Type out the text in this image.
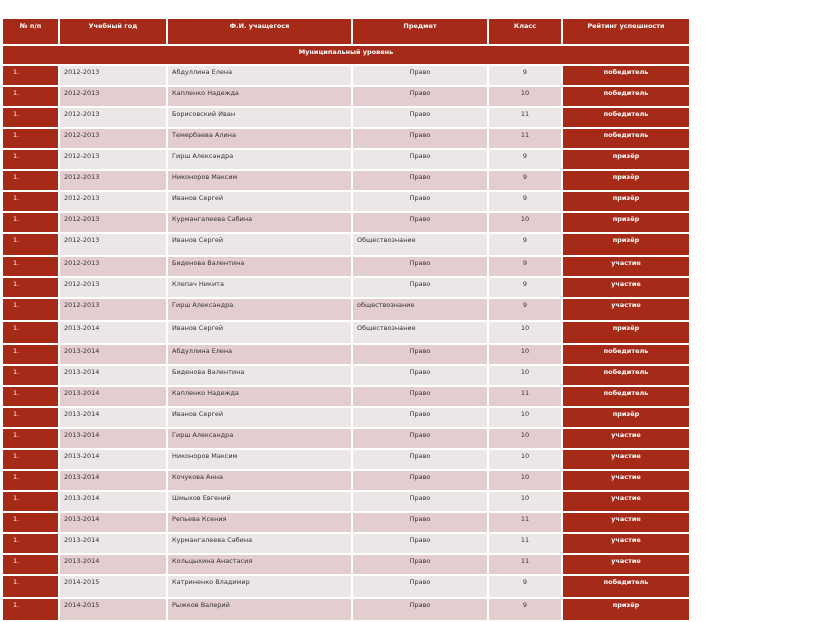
№ п/п	Учебный год	Ф.И. учащегося	Предмет	Класс	Рейтинг успешности
Муниципальный уровень					
1.	2012-2013	Абдуллина Елена	Право	9	победитель
1.	2012-2013	Капленко Надежда	Право	10	победитель
1.	2012-2013	Борисовский Иван	Право	11	победитель
1.	2012-2013	Темербаева Алина	Право	11	победитель
1.	2012-2013	Гирш Александра	Право	9	призёр
1.	2012-2013	Никоноров Максим	Право	9	призёр
1.	2012-2013	Иванов Сергей	Право	9	призёр
1.	2012-2013	Курмангалеева Сабина	Право	10	призёр
1.	2012-2013	Иванов Сергей	Обществознание	9	призёр
1.	2012-2013	Биденова Валентина	Право	9	участие
1.	2012-2013	Клепач Никита	Право	9	участие
1.	2012-2013	Гирш Александра	обществознание	9	участие
1.	2013-2014	Иванов Сергей	Обществознание	10	призёр
1.	2013-2014	Абдуллина Елена	Право	10	победитель
1.	2013-2014	Биденова Валентина	Право	10	победитель
1.	2013-2014	Капленко Надежда	Право	11	победитель
1.	2013-2014	Иванов Сергей	Право	10	призёр
1.	2013-2014	Гирш Александра	Право	10	участие
1.	2013-2014	Никоноров Максим	Право	10	участие
1.	2013-2014	Кочукова Анна	Право	10	участие
1.	2013-2014	Шмыхов Евгений	Право	10	участие
1.	2013-2014	Репьева Ксения	Право	11	участие
1.	2013-2014	Курмангалеева Сабина	Право	11	участие
1.	2013-2014	Кольцыхина Анастасия	Право	11	участие
1.	2014-2015	Катриненко Владимир	Право	9	победитель
1.	2014-2015	Рыжков Валерий	Право	9	призёр
